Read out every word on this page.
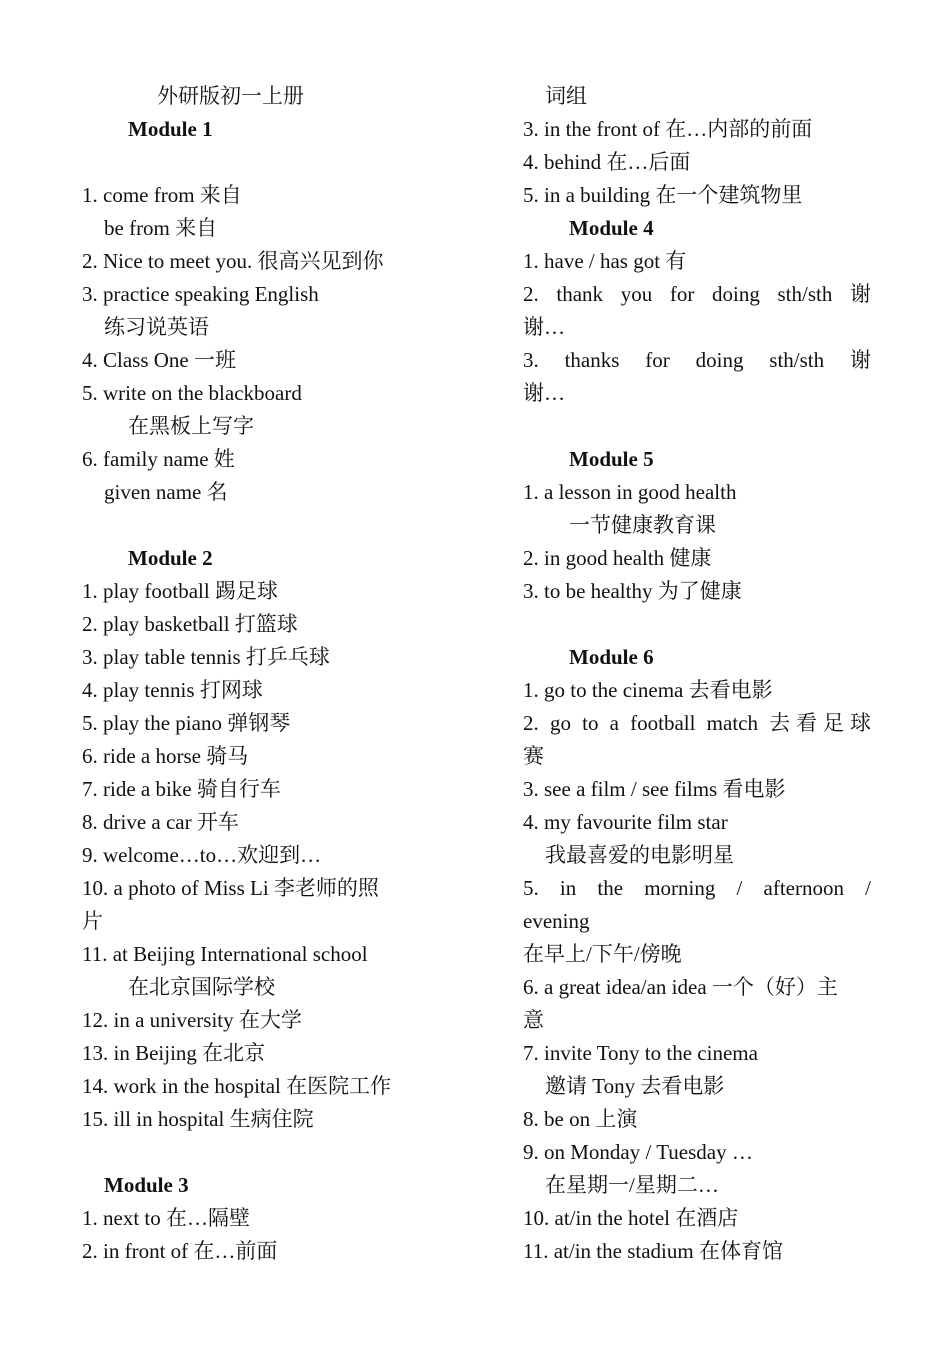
外研版初一上册
Module 1
1. come from 来自
be from 来自
2. Nice to meet you. 很高兴见到你
3. practice speaking English
练习说英语
4. Class One 一班
5. write on the blackboard
在黑板上写字
6. family name 姓
given name 名
Module 2
1. play football 踢足球
2. play basketball 打篮球
3. play table tennis 打乒乓球
4. play tennis 打网球
5. play the piano 弹钢琴
6. ride a horse 骑马
7. ride a bike 骑自行车
8. drive a car 开车
9. welcome…to…欢迎到…
10. a photo of Miss Li 李老师的照
片
11. at Beijing International school
在北京国际学校
12. in a university 在大学
13. in Beijing 在北京
14. work in the hospital 在医院工作
15. ill in hospital 生病住院
Module 3
1. next to 在…隔壁
2. in front of 在…前面
词组
3. in the front of 在…内部的前面
4. behind 在…后面
5. in a building 在一个建筑物里
Module 4
1. have / has got 有
2. thank you for doing sth/sth 谢
谢…
3. thanks for doing sth/sth 谢
谢…
Module 5
1. a lesson in good health
一节健康教育课
2. in good health 健康
3. to be healthy 为了健康
Module 6
1. go to the cinema 去看电影
2. go to a football match 去看足球
赛
3. see a film / see films 看电影
4. my favourite film star
我最喜爱的电影明星
5. in the morning / afternoon /
evening
在早上/下午/傍晚
6. a great idea/an idea 一个（好）主
意
7. invite Tony to the cinema
邀请 Tony 去看电影
8. be on 上演
9. on Monday / Tuesday …
在星期一/星期二…
10. at/in the hotel 在酒店
11. at/in the stadium 在体育馆
